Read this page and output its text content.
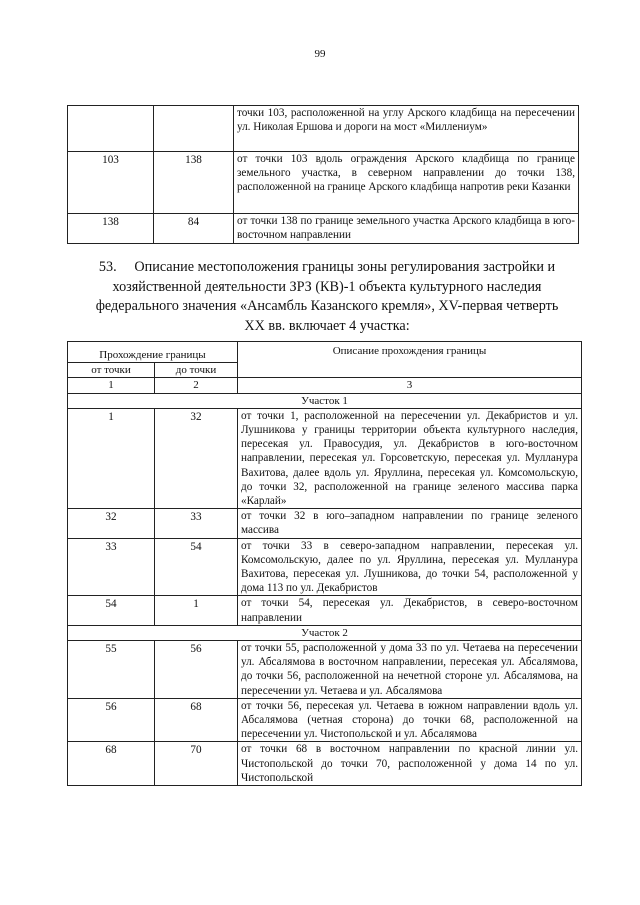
99
		точки 103, расположенной на углу Арского кладбища на пересечении ул. Николая Ершова и дороги на мост «Миллениум»
103	138	от точки 103 вдоль ограждения Арского кладбища по границе земельного участка, в северном направлении до точки 138, расположенной на границе Арского кладбища напротив реки Казанки
138	84	от точки 138 по границе земельного участка Арского кладбища в юго-восточном направлении
53.     Описание местоположения границы зоны регулирования застройки и
хозяйственной деятельности ЗРЗ (КВ)-1 объекта культурного наследия
федерального значения «Ансамбль Казанского кремля», XV-первая четверть
XX вв. включает 4 участка:
Прохождение границы		Описание прохождения границы
от точки	до точки	
1	2	3
Участок 1		
1	32	от точки 1, расположенной на пересечении ул. Декабристов и ул. Лушникова у границы территории объекта культурного наследия, пересекая ул. Правосудия, ул. Декабристов в юго-восточном направлении, пересекая ул. Горсоветскую, пересекая ул. Мулланура Вахитова, далее вдоль ул. Яруллина, пересекая ул. Комсомольскую, до точки 32, расположенной на границе зеленого массива парка «Карлай»
32	33	от точки 32 в юго–западном направлении по границе зеленого массива
33	54	от точки 33 в северо-западном направлении, пересекая ул. Комсомольскую, далее по ул. Яруллина, пересекая ул. Мулланура Вахитова, пересекая ул. Лушникова, до точки 54, расположенной у дома 113 по ул. Декабристов
54	1	от точки 54, пересекая ул. Декабристов, в северо-восточном направлении
Участок 2		
55	56	от точки 55, расположенной у дома 33 по ул. Четаева на пересечении ул. Абсалямова в восточном направлении, пересекая ул. Абсалямова, до точки 56, расположенной на нечетной стороне ул. Абсалямова, на пересечении ул. Четаева и ул. Абсалямова
56	68	от точки 56, пересекая ул. Четаева в южном направлении вдоль ул. Абсалямова (четная сторона) до точки 68, расположенной на пересечении ул. Чистопольской и ул. Абсалямова
68	70	от точки 68 в восточном направлении по красной линии ул. Чистопольской до точки 70, расположенной у дома 14 по ул. Чистопольской
